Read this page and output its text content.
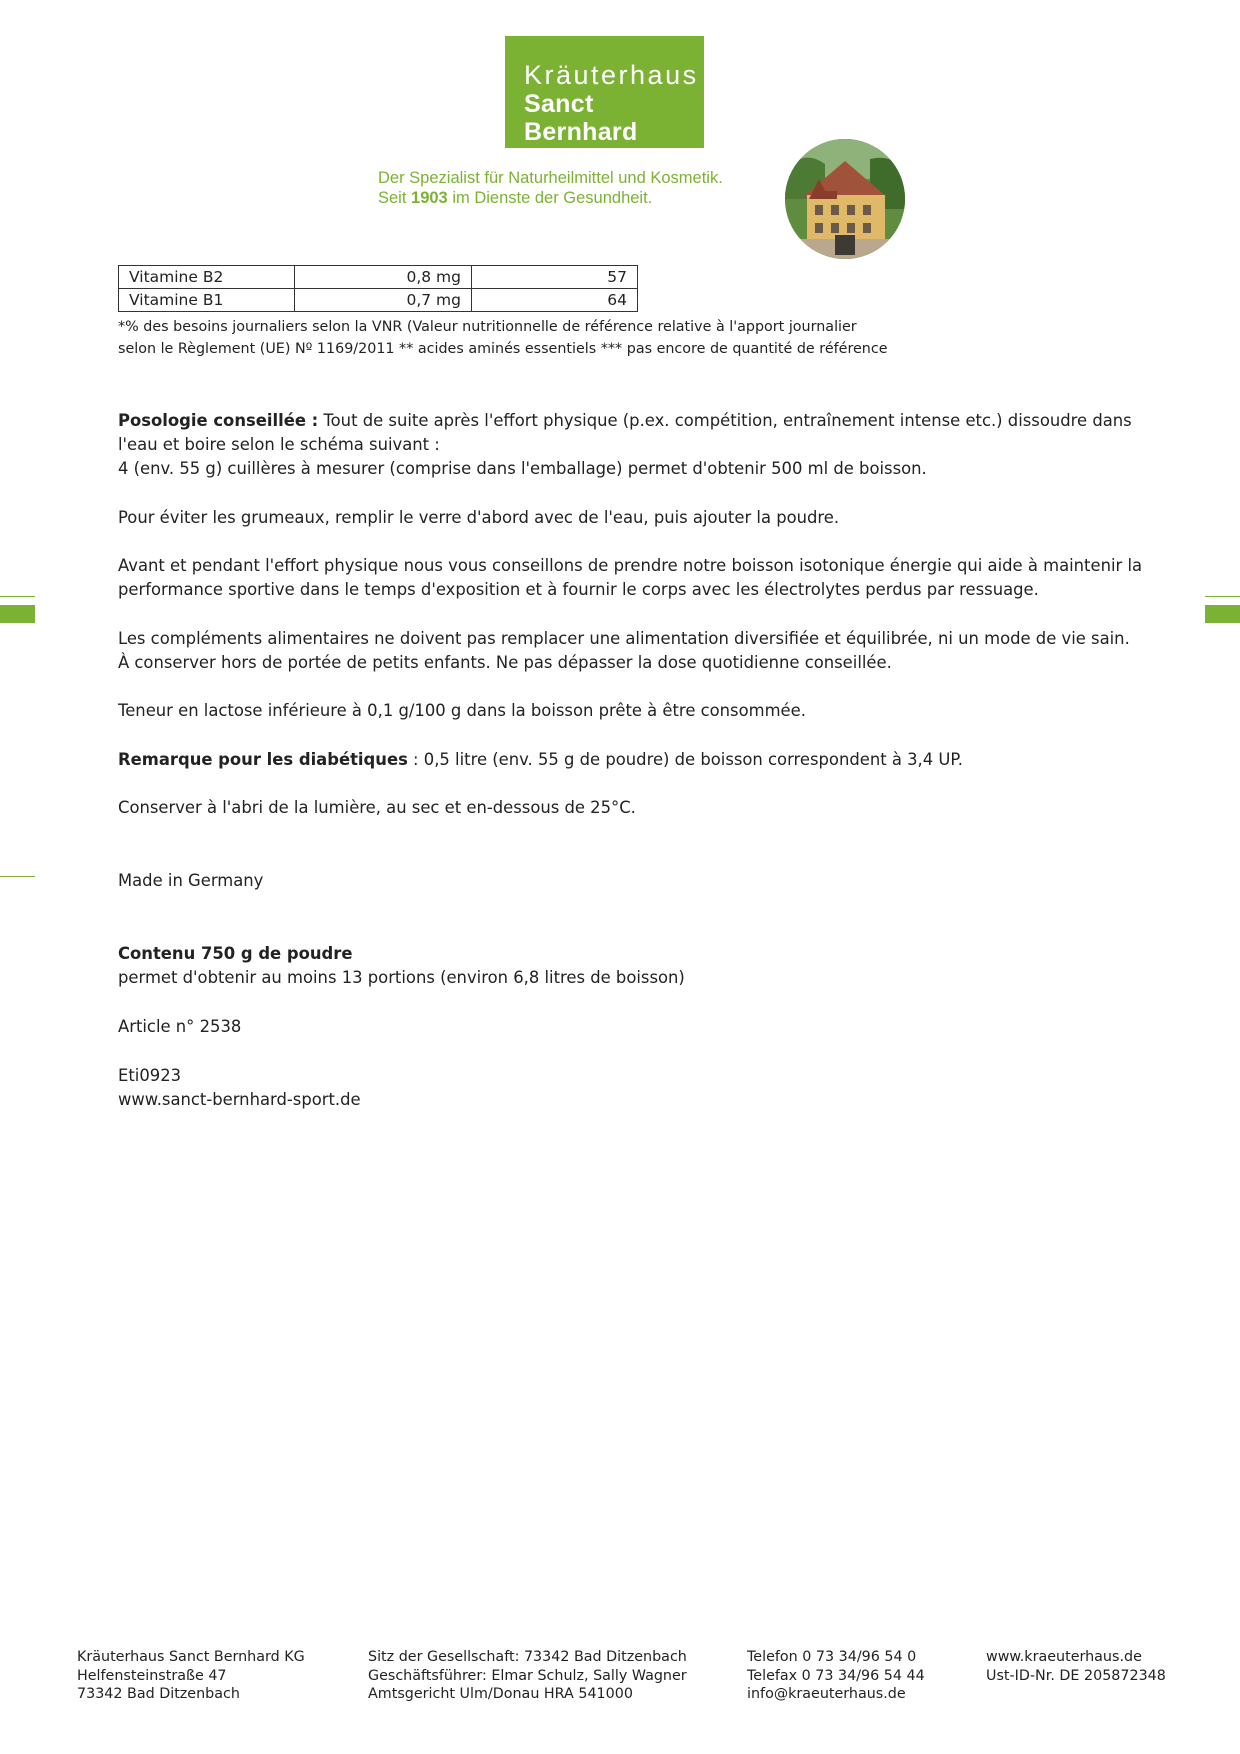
Kräuterhaus
Sanct Bernhard
Der Spezialist für Naturheilmittel und Kosmetik.
Seit 1903 im Dienste der Gesundheit.
Vitamine B2	0,8 mg	57
Vitamine B1	0,7 mg	64
*% des besoins journaliers selon la VNR (Valeur nutritionnelle de référence relative à l'apport journalier
selon le Règlement (UE) Nº 1169/2011 ** acides aminés essentiels *** pas encore de quantité de référence
Posologie conseillée : Tout de suite après l'effort physique (p.ex. compétition, entraînement intense etc.) dissoudre dans
l'eau et boire selon le schéma suivant :
4 (env. 55 g) cuillères à mesurer (comprise dans l'emballage) permet d'obtenir 500 ml de boisson.
Pour éviter les grumeaux, remplir le verre d'abord avec de l'eau, puis ajouter la poudre.
Avant et pendant l'effort physique nous vous conseillons de prendre notre boisson isotonique énergie qui aide à maintenir la
performance sportive dans le temps d'exposition et à fournir le corps avec les électrolytes perdus par ressuage.
Les compléments alimentaires ne doivent pas remplacer une alimentation diversifiée et équilibrée, ni un mode de vie sain.
À conserver hors de portée de petits enfants. Ne pas dépasser la dose quotidienne conseillée.
Teneur en lactose inférieure à 0,1 g/100 g dans la boisson prête à être consommée.
Remarque pour les diabétiques : 0,5 litre (env. 55 g de poudre) de boisson correspondent à 3,4 UP.
Conserver à l'abri de la lumière, au sec et en-dessous de 25°C.
Made in Germany
Contenu 750 g de poudre
permet d'obtenir au moins 13 portions (environ 6,8 litres de boisson)
Article n° 2538
Eti0923
www.sanct-bernhard-sport.de
Kräuterhaus Sanct Bernhard KG
Helfensteinstraße 47
73342 Bad Ditzenbach
Sitz der Gesellschaft: 73342 Bad Ditzenbach
Geschäftsführer: Elmar Schulz, Sally Wagner
Amtsgericht Ulm/Donau HRA 541000
Telefon 0 73 34/96 54 0
Telefax 0 73 34/96 54 44
info@kraeuterhaus.de
www.kraeuterhaus.de
Ust-ID-Nr. DE 205872348
